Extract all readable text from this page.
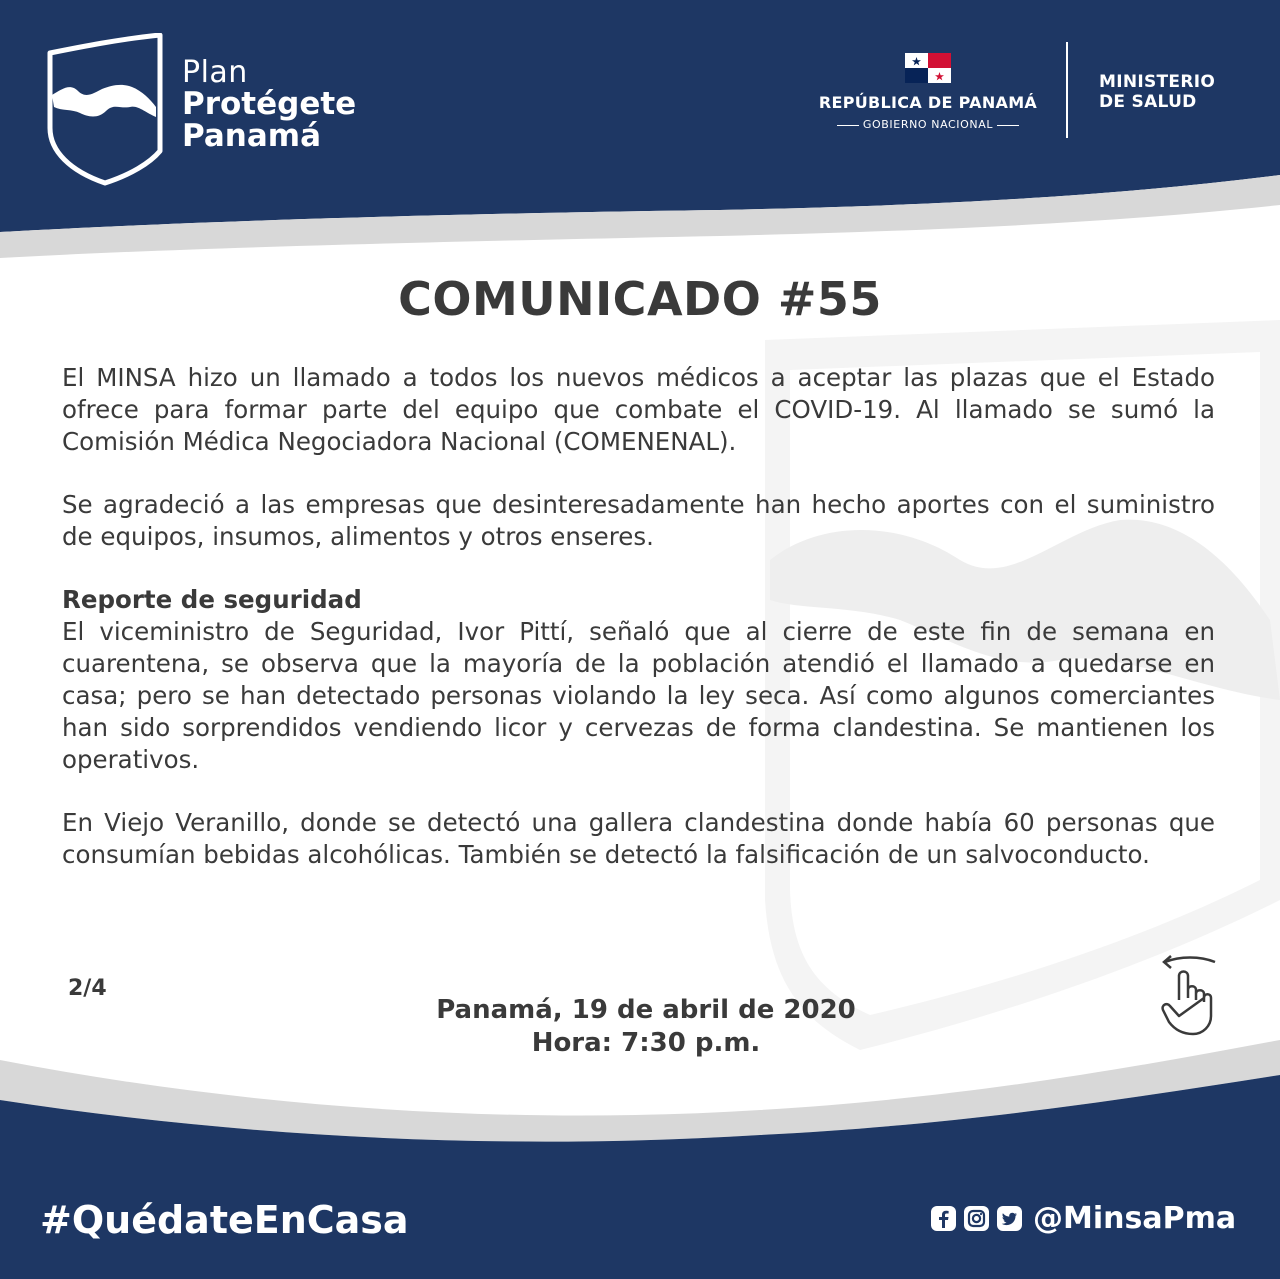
Plan
Protégete
Panamá
REPÚBLICA DE PANAMÁ
GOBIERNO NACIONAL
MINISTERIO
DE SALUD
COMUNICADO #55

El MINSA hizo un llamado a todos los nuevos médicos a aceptar las plazas que el Estado ofrece para formar parte del equipo que combate el COVID-19. Al llamado se sumó la Comisión Médica Negociadora Nacional (COMENENAL).

Se agradeció a las empresas que desinteresadamente han hecho aportes con el suministro de equipos, insumos, alimentos y otros enseres.

Reporte de seguridad
El viceministro de Seguridad, Ivor Pittí, señaló que al cierre de este fin de semana en cuarentena, se observa que la mayoría de la población atendió el llamado a quedarse en casa; pero se han detectado personas violando la ley seca. Así como algunos comerciantes han sido sorprendidos vendiendo licor y cervezas de forma clandestina. Se mantienen los operativos.

En Viejo Veranillo, donde se detectó una gallera clandestina donde había 60 personas que consumían bebidas alcohólicas. También se detectó la falsificación de un salvoconducto.

2/4
Panamá, 19 de abril de 2020
Hora: 7:30 p.m.
#QuédateEnCasa	@MinsaPma
